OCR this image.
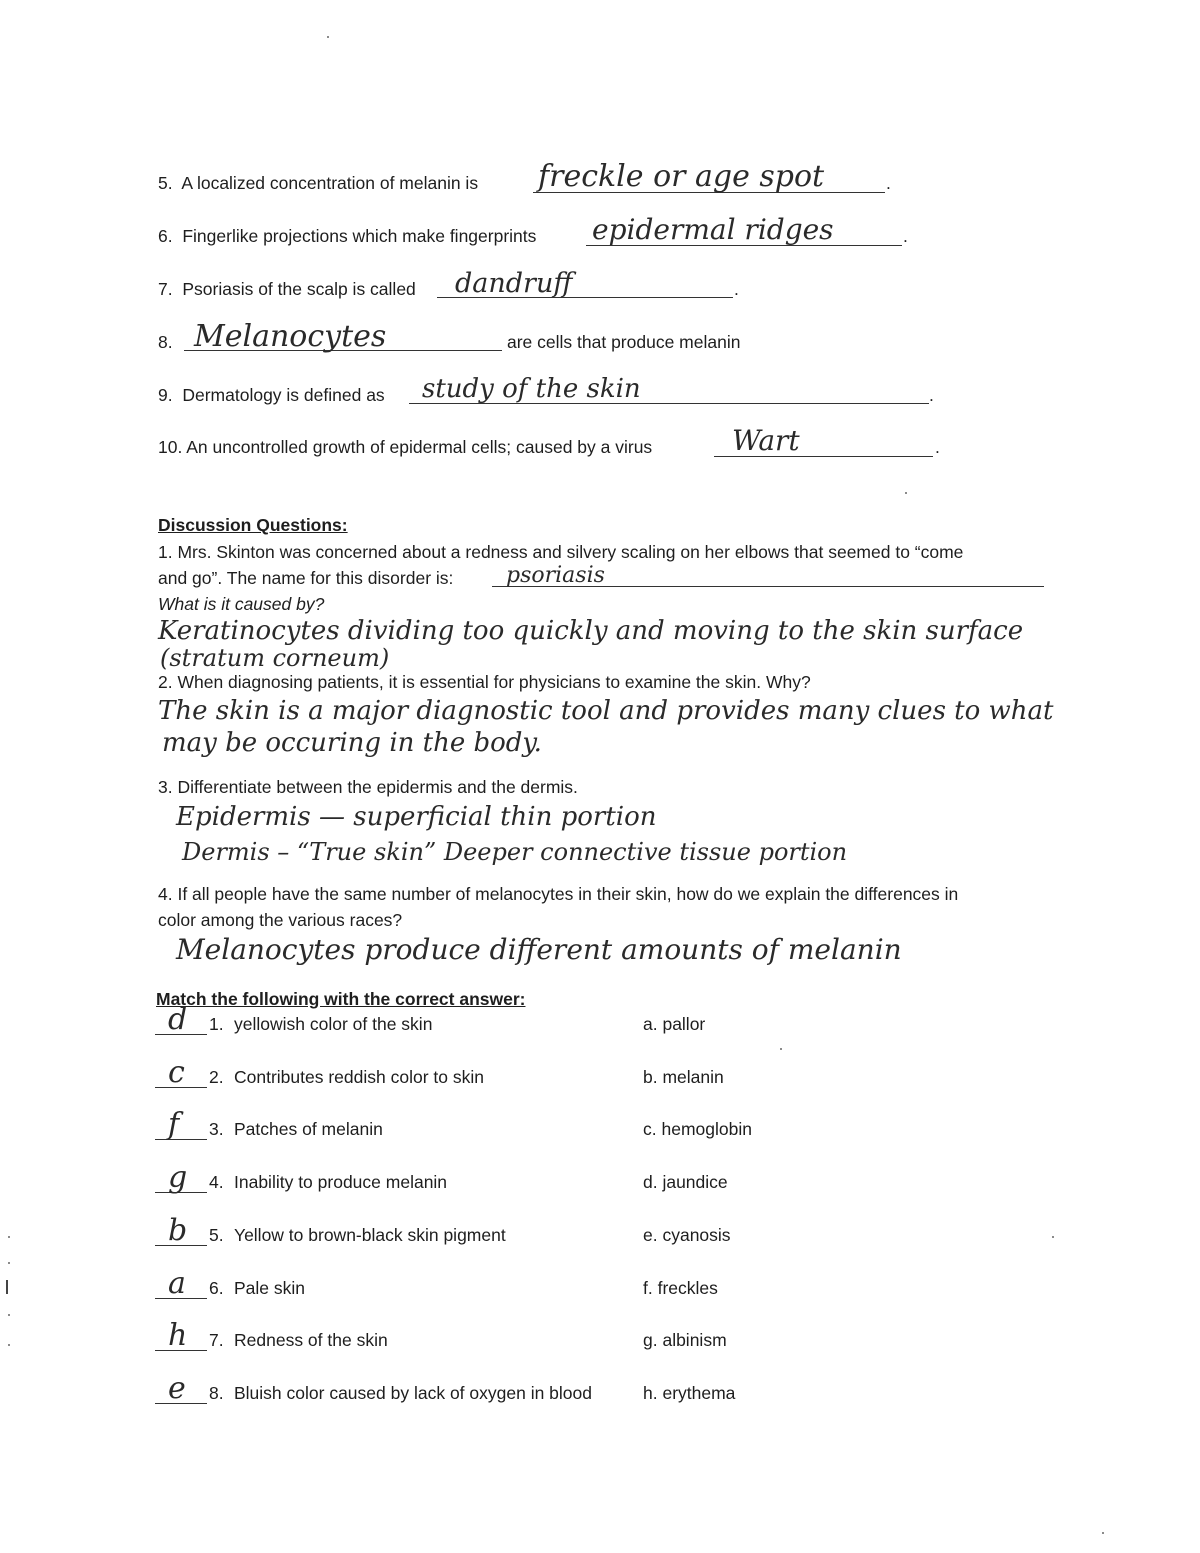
5. A localized concentration of melanin is freckle or age spot	.
6. Fingerlike projections which make fingerprints epidermal ridges	.
7. Psoriasis of the scalp is called dandruff	.
8. Melanocytes	are cells that produce melanin
9. Dermatology is defined as study of the skin	.
10. An uncontrolled growth of epidermal cells; caused by a virus	Wart	.
Discussion Questions:
1. Mrs. Skinton was concerned about a redness and silvery scaling on her elbows that seemed to “come
and go”. The name for this disorder is: psoriasis
What is it caused by?
Keratinocytes dividing too quickly and moving to the skin surface
(stratum corneum)
2. When diagnosing patients, it is essential for physicians to examine the skin. Why?
The skin is a major diagnostic tool and provides many clues to what
may be occuring in the body.
3. Differentiate between the epidermis and the dermis.
Epidermis — superficial thin portion
Dermis – “True skin” Deeper connective tissue portion
4. If all people have the same number of melanocytes in their skin, how do we explain the differences in
color among the various races?
Melanocytes produce different amounts of melanin
Match the following with the correct answer:
d 1. yellowish color of the skin	a. pallor
c 2. Contributes reddish color to skin	b. melanin
f 3. Patches of melanin	c. hemoglobin
g 4. Inability to produce melanin	d. jaundice
b 5. Yellow to brown-black skin pigment	e. cyanosis
a 6. Pale skin	f. freckles
h 7. Redness of the skin	g. albinism
e 8. Bluish color caused by lack of oxygen in blood	h. erythema
